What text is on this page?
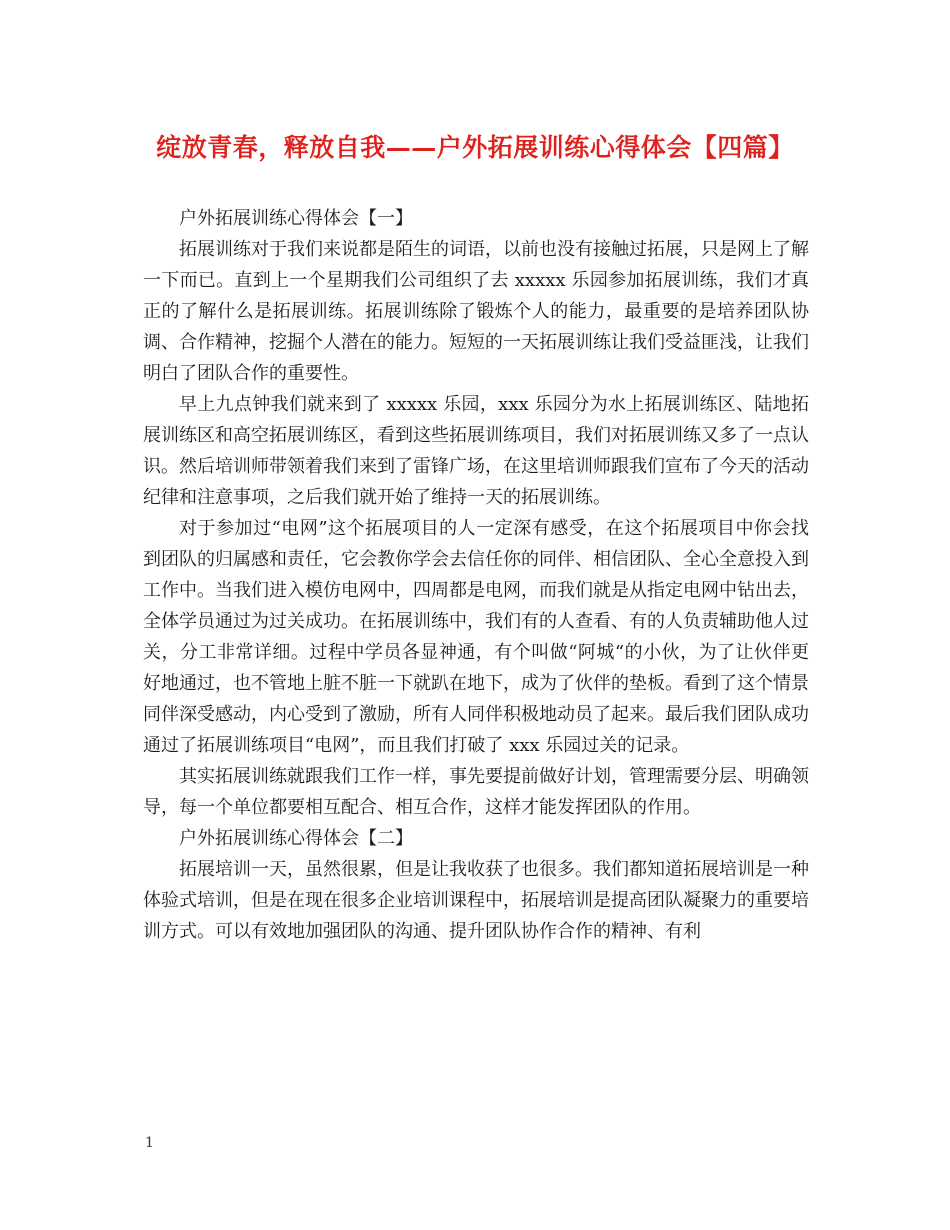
绽放青春，释放自我——户外拓展训练心得体会【四篇】

户外拓展训练心得体会【一】

拓展训练对于我们来说都是陌生的词语，以前也没有接触过拓展，只是网上了解一下而已。直到上一个星期我们公司组织了去 xxxxx 乐园参加拓展训练，我们才真正的了解什么是拓展训练。拓展训练除了锻炼个人的能力，最重要的是培养团队协调、合作精神，挖掘个人潜在的能力。短短的一天拓展训练让我们受益匪浅，让我们明白了团队合作的重要性。

早上九点钟我们就来到了 xxxxx 乐园，xxx 乐园分为水上拓展训练区、陆地拓展训练区和高空拓展训练区，看到这些拓展训练项目，我们对拓展训练又多了一点认识。然后培训师带领着我们来到了雷锋广场，在这里培训师跟我们宣布了今天的活动纪律和注意事项，之后我们就开始了维持一天的拓展训练。

对于参加过“电网”这个拓展项目的人一定深有感受，在这个拓展项目中你会找到团队的归属感和责任，它会教你学会去信任你的同伴、相信团队、全心全意投入到工作中。当我们进入模仿电网中，四周都是电网，而我们就是从指定电网中钻出去，全体学员通过为过关成功。在拓展训练中，我们有的人查看、有的人负责辅助他人过关，分工非常详细。过程中学员各显神通，有个叫做“阿城“的小伙，为了让伙伴更好地通过，也不管地上脏不脏一下就趴在地下，成为了伙伴的垫板。看到了这个情景同伴深受感动，内心受到了激励，所有人同伴积极地动员了起来。最后我们团队成功通过了拓展训练项目“电网”，而且我们打破了 xxx 乐园过关的记录。

其实拓展训练就跟我们工作一样，事先要提前做好计划，管理需要分层、明确领导，每一个单位都要相互配合、相互合作，这样才能发挥团队的作用。

户外拓展训练心得体会【二】

拓展培训一天，虽然很累，但是让我收获了也很多。我们都知道拓展培训是一种体验式培训，但是在现在很多企业培训课程中，拓展培训是提高团队凝聚力的重要培训方式。可以有效地加强团队的沟通、提升团队协作合作的精神、有利

1
